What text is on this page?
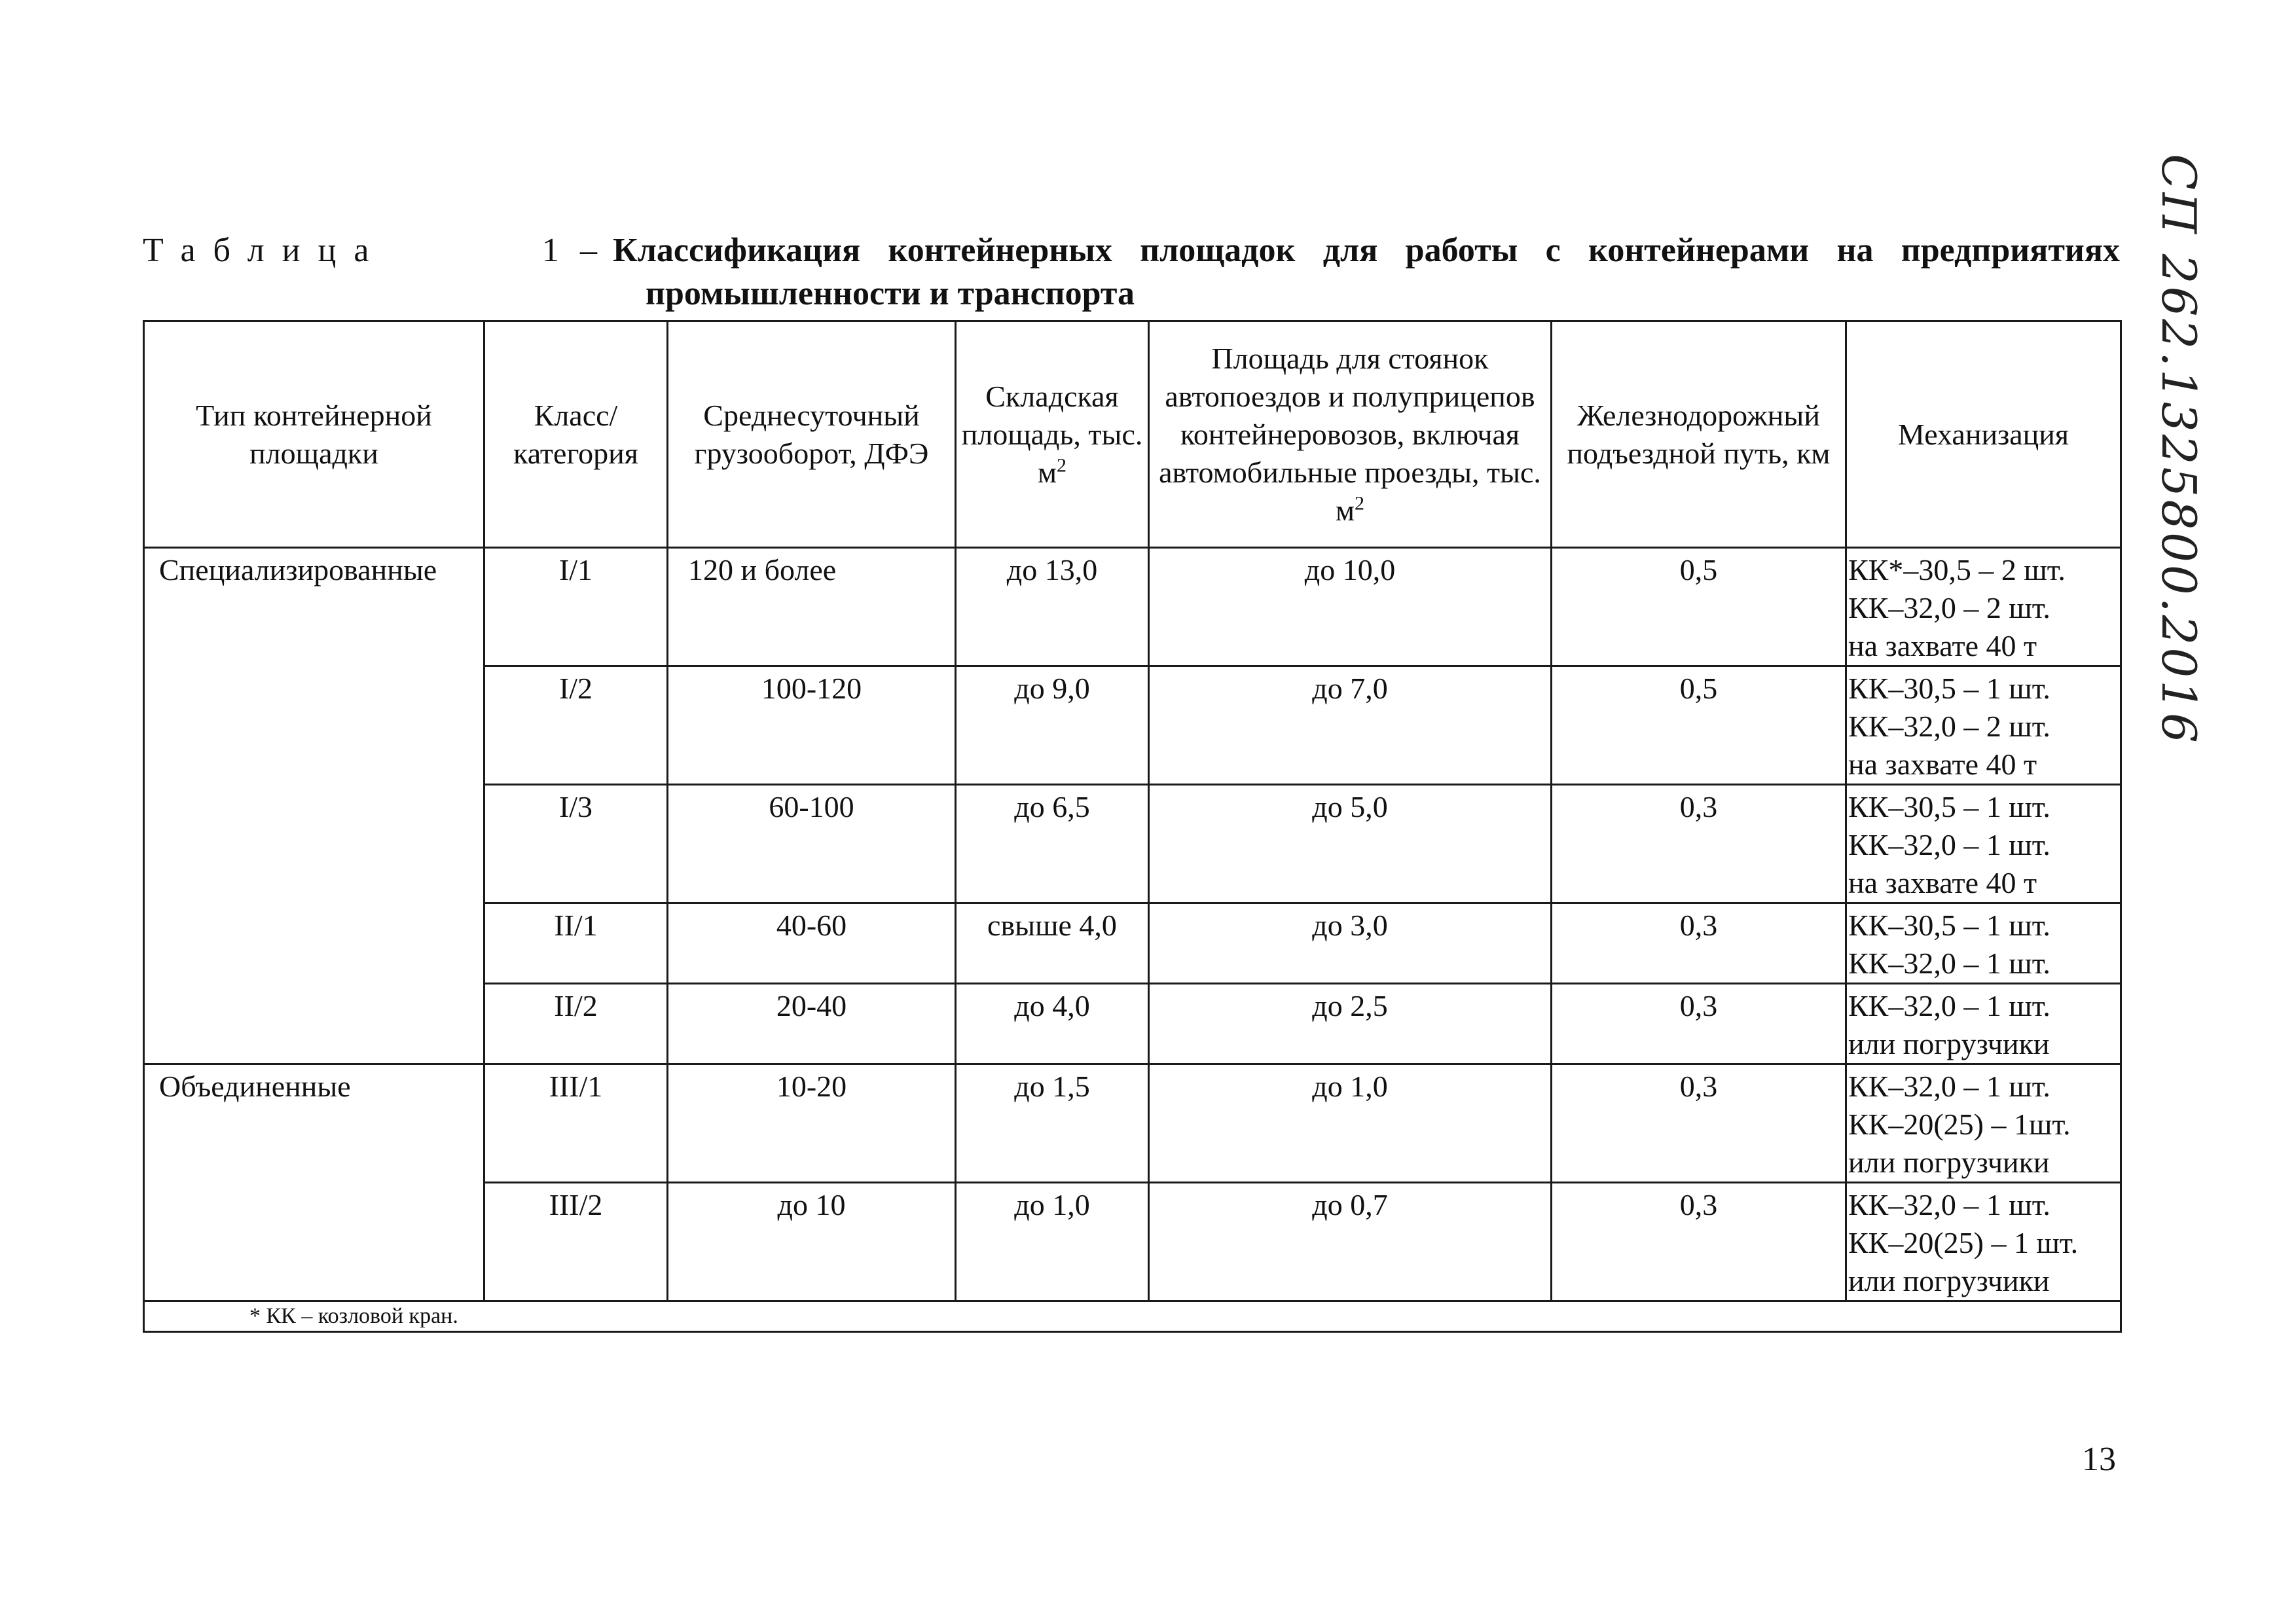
Таблица	1 – Классификация контейнерных площадок для работы с контейнерами на предприятиях
промышленности и транспорта
Тип контейнерной площадки	Класс/ категория	Среднесуточный грузооборот, ДФЭ	Складская площадь, тыс. $м^2$	Площадь для стоянок автопоездов и полуприцепов контейнеровозов, включая автомобильные проезды, тыс. $м^2$	Железнодорожный подъездной путь, км	Механизация
Специализированные	I/1	120 и более	до 13,0	до 10,0	0,5	КК*–30,5 – 2 шт.
КК–32,0 – 2 шт.
на захвате 40 т

	I/2	100-120	до 9,0	до 7,0	0,5	КК–30,5 – 1 шт.
КК–32,0 – 2 шт.
на захвате 40 т

	I/3	60-100	до 6,5	до 5,0	0,3	КК–30,5 – 1 шт.
КК–32,0 – 1 шт.
на захвате 40 т

	II/1	40-60	свыше 4,0	до 3,0	0,3	КК–30,5 – 1 шт.
КК–32,0 – 1 шт.

	II/2	20-40	до 4,0	до 2,5	0,3	КК–32,0 – 1 шт.
или погрузчики

Объединенные	III/1	10-20	до 1,5	до 1,0	0,3	КК–32,0 – 1 шт.
КК–20(25) – 1шт.
или погрузчики

	III/2	до 10	до 1,0	до 0,7	0,3	КК–32,0 – 1 шт.
КК–20(25) – 1 шт.
или погрузчики

* КК – козловой кран.						
СП 262.1325800.2016
13
